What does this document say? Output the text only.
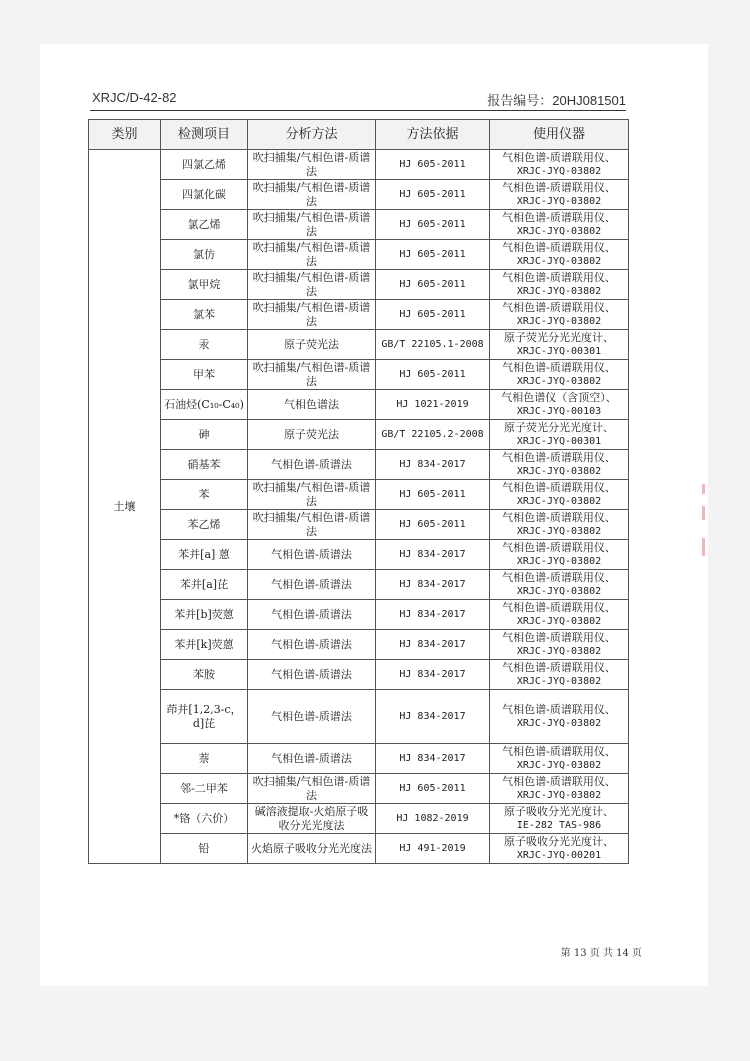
XRJC/D-42-82	报告编号：20HJ081501
类别	检测项目	分析方法	方法依据	使用仪器
土壤	四氯乙烯	吹扫捕集/气相色谱-质谱法	HJ 605-2011	气相色谱-质谱联用仪、
XRJC-JYQ-03802

	四氯化碳	吹扫捕集/气相色谱-质谱法	HJ 605-2011	气相色谱-质谱联用仪、
XRJC-JYQ-03802

	氯乙烯	吹扫捕集/气相色谱-质谱法	HJ 605-2011	气相色谱-质谱联用仪、
XRJC-JYQ-03802

	氯仿	吹扫捕集/气相色谱-质谱法	HJ 605-2011	气相色谱-质谱联用仪、
XRJC-JYQ-03802

	氯甲烷	吹扫捕集/气相色谱-质谱法	HJ 605-2011	气相色谱-质谱联用仪、
XRJC-JYQ-03802

	氯苯	吹扫捕集/气相色谱-质谱法	HJ 605-2011	气相色谱-质谱联用仪、
XRJC-JYQ-03802

	汞	原子荧光法	GB/T 22105.1-2008	原子荧光分光光度计、
XRJC-JYQ-00301

	甲苯	吹扫捕集/气相色谱-质谱法	HJ 605-2011	气相色谱-质谱联用仪、
XRJC-JYQ-03802

	石油烃(C₁₀-C₄₀)	气相色谱法	HJ 1021-2019	气相色谱仪（含顶空）、
XRJC-JYQ-00103

	砷	原子荧光法	GB/T 22105.2-2008	原子荧光分光光度计、
XRJC-JYQ-00301

	硝基苯	气相色谱-质谱法	HJ 834-2017	气相色谱-质谱联用仪、
XRJC-JYQ-03802

	苯	吹扫捕集/气相色谱-质谱法	HJ 605-2011	气相色谱-质谱联用仪、
XRJC-JYQ-03802

	苯乙烯	吹扫捕集/气相色谱-质谱法	HJ 605-2011	气相色谱-质谱联用仪、
XRJC-JYQ-03802

	苯并[a] 蒽	气相色谱-质谱法	HJ 834-2017	气相色谱-质谱联用仪、
XRJC-JYQ-03802

	苯并[a]芘	气相色谱-质谱法	HJ 834-2017	气相色谱-质谱联用仪、
XRJC-JYQ-03802

	苯并[b]荧蒽	气相色谱-质谱法	HJ 834-2017	气相色谱-质谱联用仪、
XRJC-JYQ-03802

	苯并[k]荧蒽	气相色谱-质谱法	HJ 834-2017	气相色谱-质谱联用仪、
XRJC-JYQ-03802

	苯胺	气相色谱-质谱法	HJ 834-2017	气相色谱-质谱联用仪、
XRJC-JYQ-03802

	茚并[1,2,3-c，d]芘	气相色谱-质谱法	HJ 834-2017	气相色谱-质谱联用仪、
XRJC-JYQ-03802

	萘	气相色谱-质谱法	HJ 834-2017	气相色谱-质谱联用仪、
XRJC-JYQ-03802

	邻-二甲苯	吹扫捕集/气相色谱-质谱法	HJ 605-2011	气相色谱-质谱联用仪、
XRJC-JYQ-03802

	*铬（六价）	碱溶液提取-火焰原子吸收分光光度法	HJ 1082-2019	原子吸收分光光度计、
IE-282 TAS-986

	铅	火焰原子吸收分光光度法	HJ 491-2019	原子吸收分光光度计、
XRJC-JYQ-00201
第 13 页 共 14 页
